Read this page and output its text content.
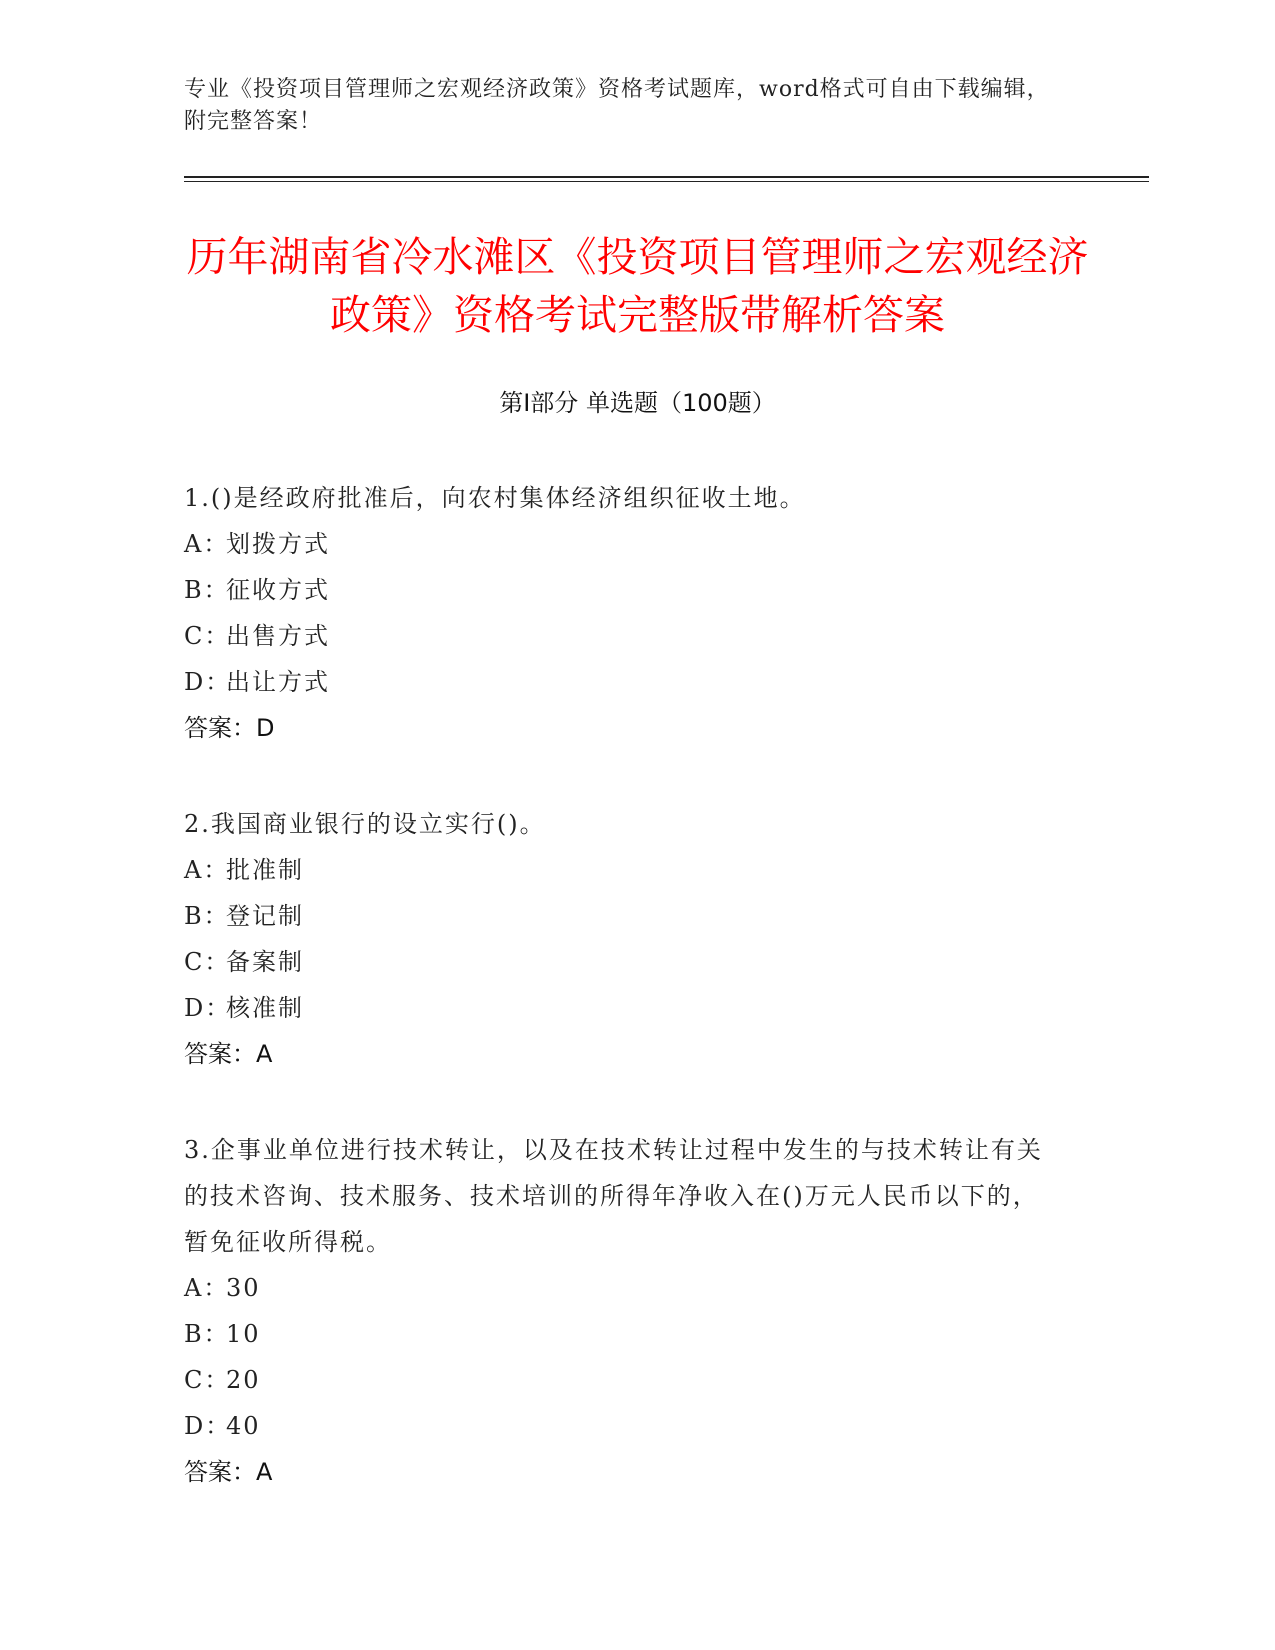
专业《投资项目管理师之宏观经济政策》资格考试题库，word格式可自由下载编辑，附完整答案！
历年湖南省冷水滩区《投资项目管理师之宏观经济政策》资格考试完整版带解析答案
第Ⅰ部分 单选题（100题）

1.()是经政府批准后，向农村集体经济组织征收土地。

A：划拨方式

B：征收方式

C：出售方式

D：出让方式

答案：D

2.我国商业银行的设立实行()。

A：批准制

B：登记制

C：备案制

D：核准制

答案：A

3.企事业单位进行技术转让，以及在技术转让过程中发生的与技术转让有关的技术咨询、技术服务、技术培训的所得年净收入在()万元人民币以下的，暂免征收所得税。

A：30

B：10

C：20

D：40

答案：A
